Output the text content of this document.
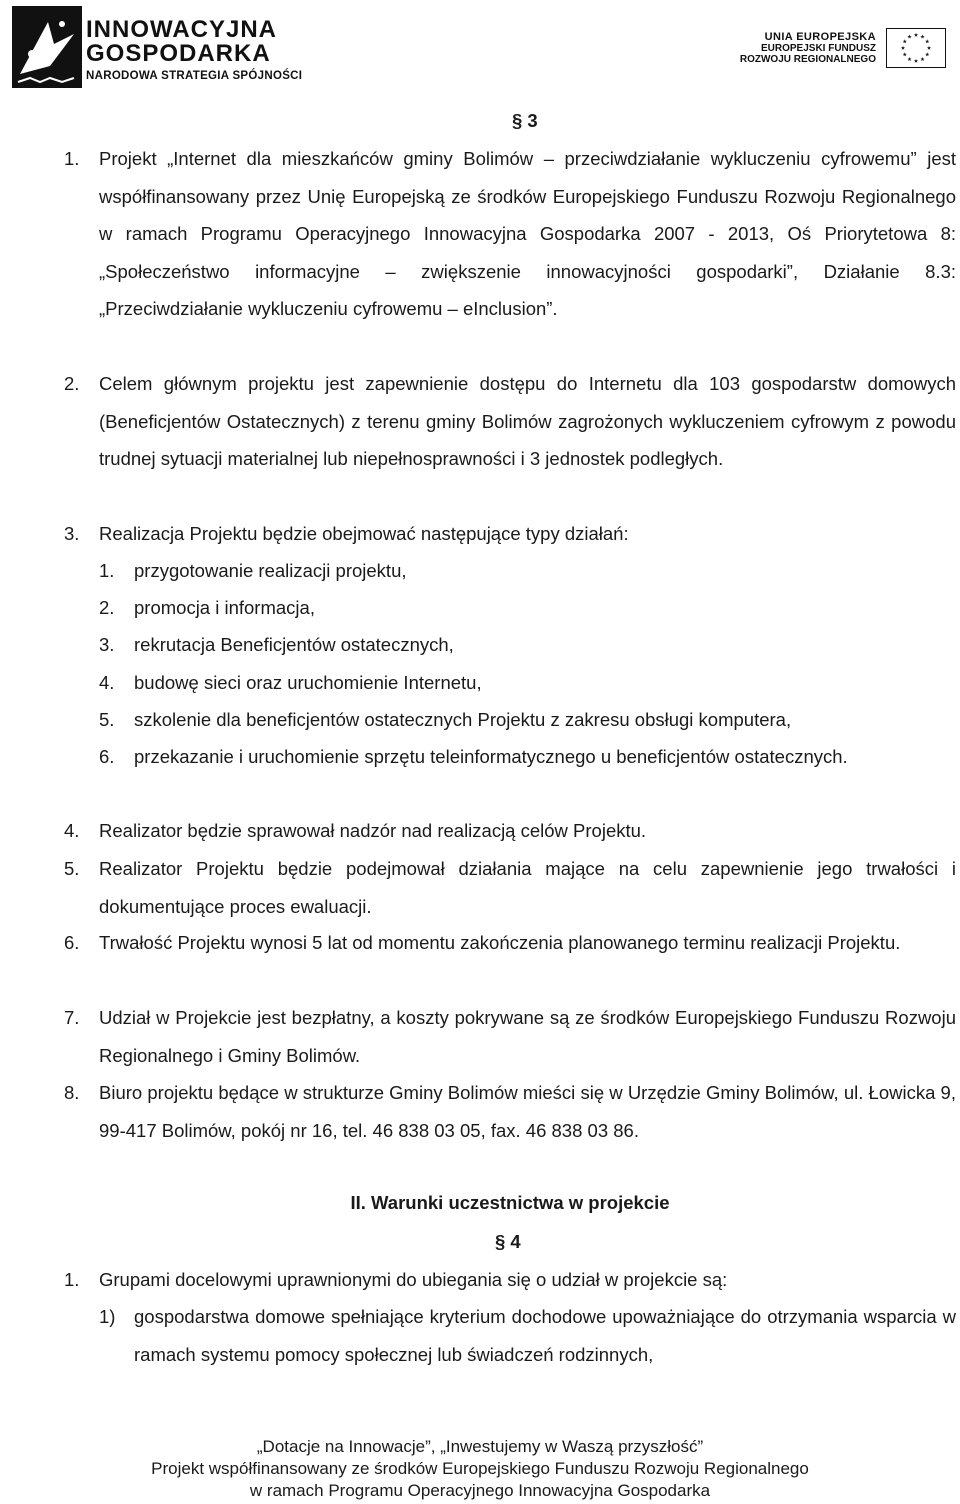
INNOWACYJNA
GOSPODARKA
NARODOWA STRATEGIA SPÓJNOŚCI
UNIA EUROPEJSKA
EUROPEJSKI FUNDUSZ
ROZWOJU REGIONALNEGO
§ 3
1. Projekt „Internet dla mieszkańców gminy Bolimów – przeciwdziałanie wykluczeniu cyfrowemu” jest współfinansowany przez Unię Europejską ze środków Europejskiego Funduszu Rozwoju Regionalnego w ramach Programu Operacyjnego Innowacyjna Gospodarka 2007 - 2013, Oś Priorytetowa 8: „Społeczeństwo informacyjne – zwiększenie innowacyjności gospodarki”, Działanie 8.3: „Przeciwdziałanie wykluczeniu cyfrowemu – eInclusion”.
2. Celem głównym projektu jest zapewnienie dostępu do Internetu dla 103 gospodarstw domowych (Beneficjentów Ostatecznych) z terenu gminy Bolimów zagrożonych wykluczeniem cyfrowym z powodu trudnej sytuacji materialnej lub niepełnosprawności i 3 jednostek podległych.
3. Realizacja Projektu będzie obejmować następujące typy działań:
1. przygotowanie realizacji projektu,
2. promocja i informacja,
3. rekrutacja Beneficjentów ostatecznych,
4. budowę sieci oraz uruchomienie Internetu,
5. szkolenie dla beneficjentów ostatecznych Projektu z zakresu obsługi komputera,
6. przekazanie i uruchomienie sprzętu teleinformatycznego u beneficjentów ostatecznych.
4. Realizator będzie sprawował nadzór nad realizacją celów Projektu.
5. Realizator Projektu będzie podejmował działania mające na celu zapewnienie jego trwałości i dokumentujące proces ewaluacji.
6. Trwałość Projektu wynosi 5 lat od momentu zakończenia planowanego terminu realizacji Projektu.
7. Udział w Projekcie jest bezpłatny, a koszty pokrywane są ze środków Europejskiego Funduszu Rozwoju Regionalnego i Gminy Bolimów.
8. Biuro projektu będące w strukturze Gminy Bolimów mieści się w Urzędzie Gminy Bolimów, ul. Łowicka 9, 99-417 Bolimów, pokój nr 16, tel. 46 838 03 05, fax. 46 838 03 86.
II. Warunki uczestnictwa w projekcie
§ 4
1. Grupami docelowymi uprawnionymi do ubiegania się o udział w projekcie są:
1) gospodarstwa domowe spełniające kryterium dochodowe upoważniające do otrzymania wsparcia w ramach systemu pomocy społecznej lub świadczeń rodzinnych,
„Dotacje na Innowacje”, „Inwestujemy w Waszą przyszłość”
Projekt współfinansowany ze środków Europejskiego Funduszu Rozwoju Regionalnego
w ramach Programu Operacyjnego Innowacyjna Gospodarka
